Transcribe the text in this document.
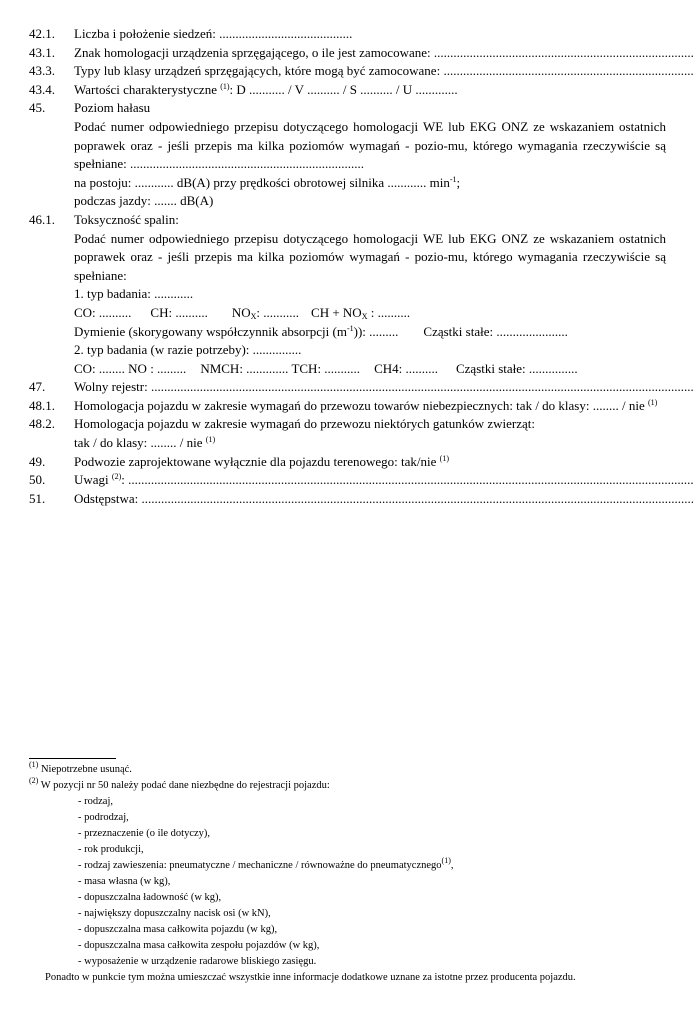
42.1.	Liczba i położenie siedzeń: .........................................
43.1.	Znak homologacji urządzenia sprzęgającego, o ile jest zamocowane:
.....
43.3.	Typy lub klasy urządzeń sprzęgających, które mogą być zamocowane:
.....
43.4.	Wartości charakterystyczne $^{(1)}$: D ........... / V .......... / S .......... / U .............
45.	Poziom hałasu
Podać numer odpowiedniego przepisu dotyczącego homologacji WE lub EKG ONZ ze wskazaniem ostatnich poprawek oraz - jeśli przepis ma kilka poziomów wymagań - pozio-mu, którego wymagania rzeczywiście są spełniane: ........................................................................
na postoju: ............ dB(A) przy prędkości obrotowej silnika ............ $\min^{-1}$;
podczas jazdy: ....... dB(A)
46.1.	Toksyczność spalin:
Podać numer odpowiedniego przepisu dotyczącego homologacji WE lub EKG ONZ ze wskazaniem ostatnich poprawek oraz - jeśli przepis ma kilka poziomów wymagań - pozio-mu, którego wymagania rzeczywiście są spełniane:
1. typ badania: ............
CO: .......... CH: .......... $NO_X$: ........... CH + $NO_X$ : ..........
Dymienie (skorygowany współczynnik absorpcji $(m^{-1})$): ......... Cząstki stałe: ......................
2. typ badania (w razie potrzeby): ...............
CO: ........ NO : ......... NMCH: ............. TCH: ........... CH4: .......... Cząstki stałe: ...............
47.	Wolny rejestr:
.....
48.1.	Homologacja pojazdu w zakresie wymagań do przewozu towarów niebezpiecznych: tak / do klasy: ........ / nie $^{(1)}$
48.2.	Homologacja pojazdu w zakresie wymagań do przewozu niektórych gatunków zwierząt:
tak / do klasy: ........ / nie $^{(1)}$
49.	Podwozie zaprojektowane wyłącznie dla pojazdu terenowego: tak/nie $^{(1)}$
50.	Uwagi $^{(2)}$:
.....
51.	Odstępstwa:
.....
$^{(1)}$ Niepotrzebne usunąć.
$^{(2)}$ W pozycji nr 50 należy podać dane niezbędne do rejestracji pojazdu:
- rodzaj,
- podrodzaj,
- przeznaczenie (o ile dotyczy),
- rok produkcji,
- rodzaj zawieszenia: pneumatyczne / mechaniczne / równoważne do pneumatycznego$^{(1)}$,
- masa własna (w kg),
- dopuszczalna ładowność (w kg),
- największy dopuszczalny nacisk osi (w kN),
- dopuszczalna masa całkowita pojazdu (w kg),
- dopuszczalna masa całkowita zespołu pojazdów (w kg),
- wyposażenie w urządzenie radarowe bliskiego zasięgu.
Ponadto w punkcie tym można umieszczać wszystkie inne informacje dodatkowe uznane za istotne przez producenta pojazdu.
